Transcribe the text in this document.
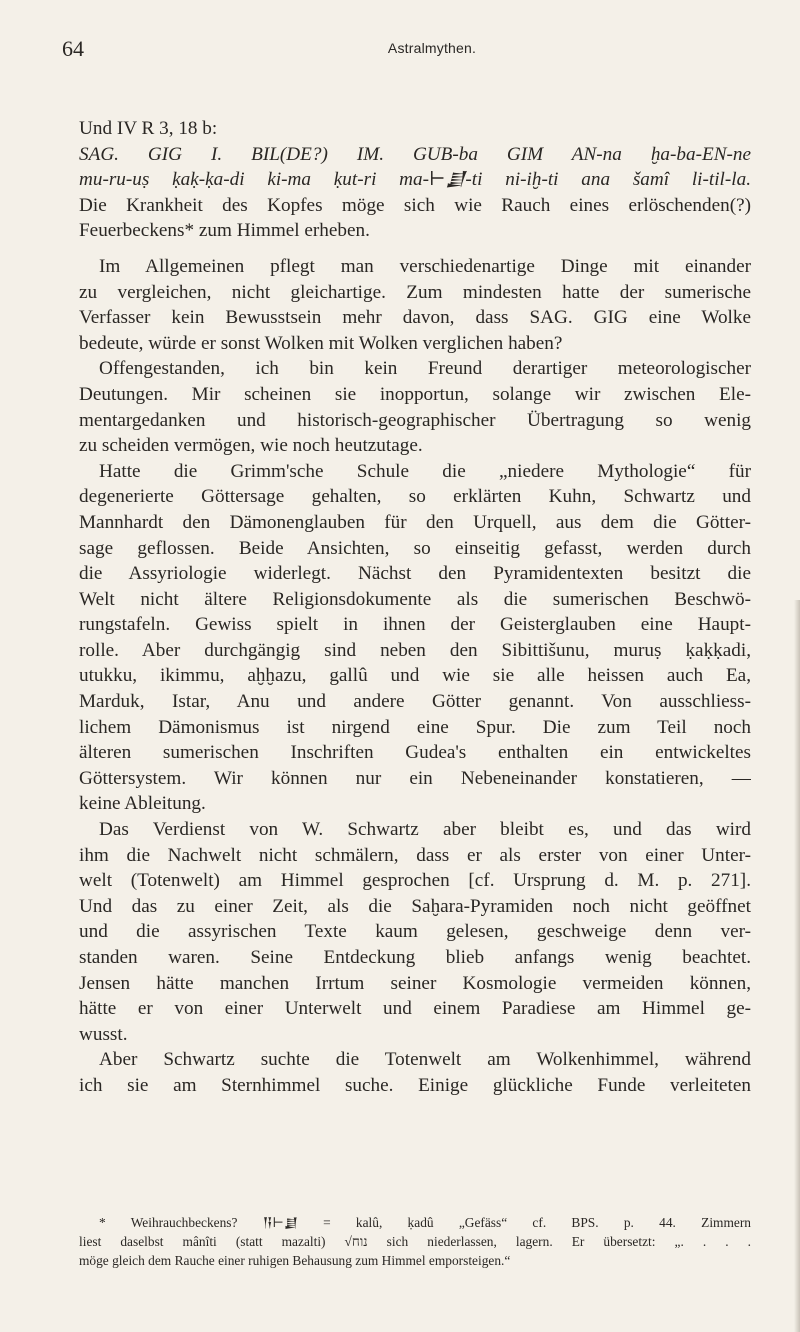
64	Astralmythen.
Und IV R 3, 18 b:
SAG. GIG I. BIL(DE?) IM. GUB-ba GIM AN-na ḫa-ba-EN-ne
mu-ru-uṣ ḳaḳ-ḳa-di ki-ma ḳut-ri ma-⊢𒋗-ti ni-iḫ-ti ana šamî li-til-la.
Die Krankheit des Kopfes möge sich wie Rauch eines erlöschenden(?)
Feuerbeckens* zum Himmel erheben.
Im Allgemeinen pflegt man verschiedenartige Dinge mit einander
zu vergleichen, nicht gleichartige. Zum mindesten hatte der sumerische
Verfasser kein Bewusstsein mehr davon, dass SAG. GIG eine Wolke
bedeute, würde er sonst Wolken mit Wolken verglichen haben?
Offengestanden, ich bin kein Freund derartiger meteorologischer
Deutungen. Mir scheinen sie inopportun, solange wir zwischen Ele-
mentargedanken und historisch-geographischer Übertragung so wenig
zu scheiden vermögen, wie noch heutzutage.
Hatte die Grimm'sche Schule die „niedere Mythologie“ für
degenerierte Göttersage gehalten, so erklärten Kuhn, Schwartz und
Mannhardt den Dämonenglauben für den Urquell, aus dem die Götter-
sage geflossen. Beide Ansichten, so einseitig gefasst, werden durch
die Assyriologie widerlegt. Nächst den Pyramidentexten besitzt die
Welt nicht ältere Religionsdokumente als die sumerischen Beschwö-
rungstafeln. Gewiss spielt in ihnen der Geisterglauben eine Haupt-
rolle. Aber durchgängig sind neben den Sibittišunu, muruṣ ḳaḳḳadi,
utukku, ikimmu, aḫḫazu, gallû und wie sie alle heissen auch Ea,
Marduk, Istar, Anu und andere Götter genannt. Von ausschliess-
lichem Dämonismus ist nirgend eine Spur. Die zum Teil noch
älteren sumerischen Inschriften Gudea's enthalten ein entwickeltes
Göttersystem. Wir können nur ein Nebeneinander konstatieren, —
keine Ableitung.
Das Verdienst von W. Schwartz aber bleibt es, und das wird
ihm die Nachwelt nicht schmälern, dass er als erster von einer Unter-
welt (Totenwelt) am Himmel gesprochen [cf. Ursprung d. M. p. 271].
Und das zu einer Zeit, als die Saḫara-Pyramiden noch nicht geöffnet
und die assyrischen Texte kaum gelesen, geschweige denn ver-
standen waren. Seine Entdeckung blieb anfangs wenig beachtet.
Jensen hätte manchen Irrtum seiner Kosmologie vermeiden können,
hätte er von einer Unterwelt und einem Paradiese am Himmel ge-
wusst.
Aber Schwartz suchte die Totenwelt am Wolkenhimmel, während
ich sie am Sternhimmel suche. Einige glückliche Funde verleiteten
* Weihrauchbeckens? 𒀀⊢𒋗 = kalû, ḳadû „Gefäss“ cf. BPS. p. 44. Zimmern
liest daselbst mânîti (statt mazalti) √נוח sich niederlassen, lagern. Er übersetzt: „. . . .
möge gleich dem Rauche einer ruhigen Behausung zum Himmel emporsteigen.“
